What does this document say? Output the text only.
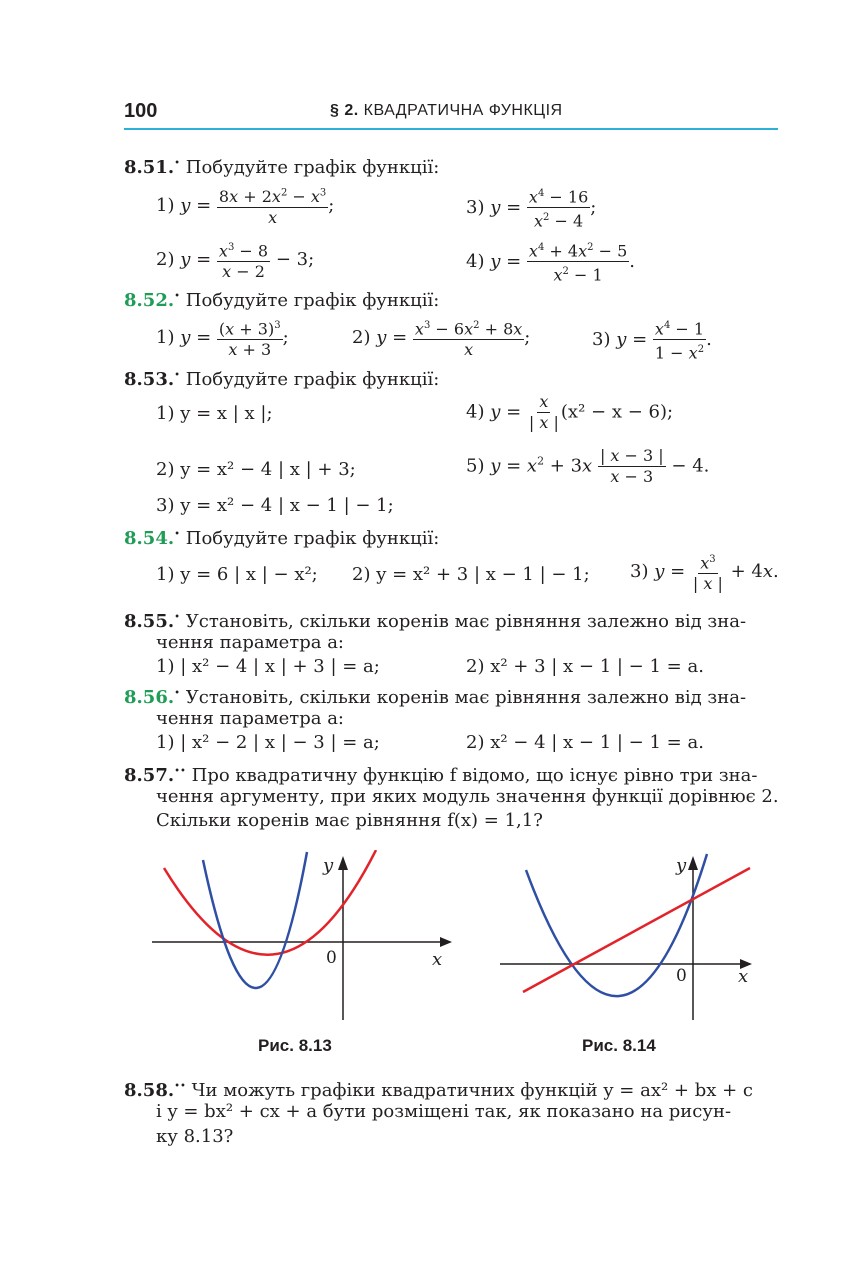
100	§ 2. КВАДРАТИЧНА ФУНКЦІЯ
8.51.• Побудуйте графік функції:
1) $y = \frac{8x + 2x^2 - x^3}{x}$ ;	3) $y = \frac{x^4 - 16}{x^2 - 4}$ ;
2) $y = \frac{x^3 - 8}{x - 2} - 3$;	4) $y = \frac{x^4 + 4x^2 - 5}{x^2 - 1}$ .
8.52.• Побудуйте графік функції:
1) $y = \frac{(x + 3)^3}{x + 3}$ ;	2) $y = \frac{x^3 - 6x^2 + 8x}{x}$ ;	3) $y = \frac{x^4 - 1}{1 - x^2}$ .
8.53.• Побудуйте графік функції:
1) y = x | x |;	4) $y = \frac{x}{| x |} (x^2 - x - 6)$;
2) y = x² − 4 | x | + 3;	5) $y = x^2 + 3x \frac{| x - 3 |}{x - 3} - 4$.
3) y = x² − 4 | x − 1 | − 1;
8.54.• Побудуйте графік функції:
1) y = 6 | x | − x²; 2) y = x² + 3 | x − 1 | − 1; 3) $y = \frac{x^3}{| x |} + 4x$.
8.55.• Установіть, скільки коренів має рівняння залежно від зна-
чення параметра a:
1) | x² − 4 | x | + 3 | = a;	2) x² + 3 | x − 1 | − 1 = a.
8.56.• Установіть, скільки коренів має рівняння залежно від зна-
чення параметра a:
1) | x² − 2 | x | − 3 | = a;	2) x² − 4 | x − 1 | − 1 = a.
8.57.•• Про квадратичну функцію f відомо, що існує рівно три зна-
чення аргументу, при яких модуль значення функції дорівнює 2.
Скільки коренів має рівняння f(x) = 1,1?
y
0	x
Рис. 8.13
y
0	x
Рис. 8.14
8.58.•• Чи можуть графіки квадратичних функцій y = ax² + bx + c
і y = bx² + cx + a бути розміщені так, як показано на рисун-
ку 8.13?
